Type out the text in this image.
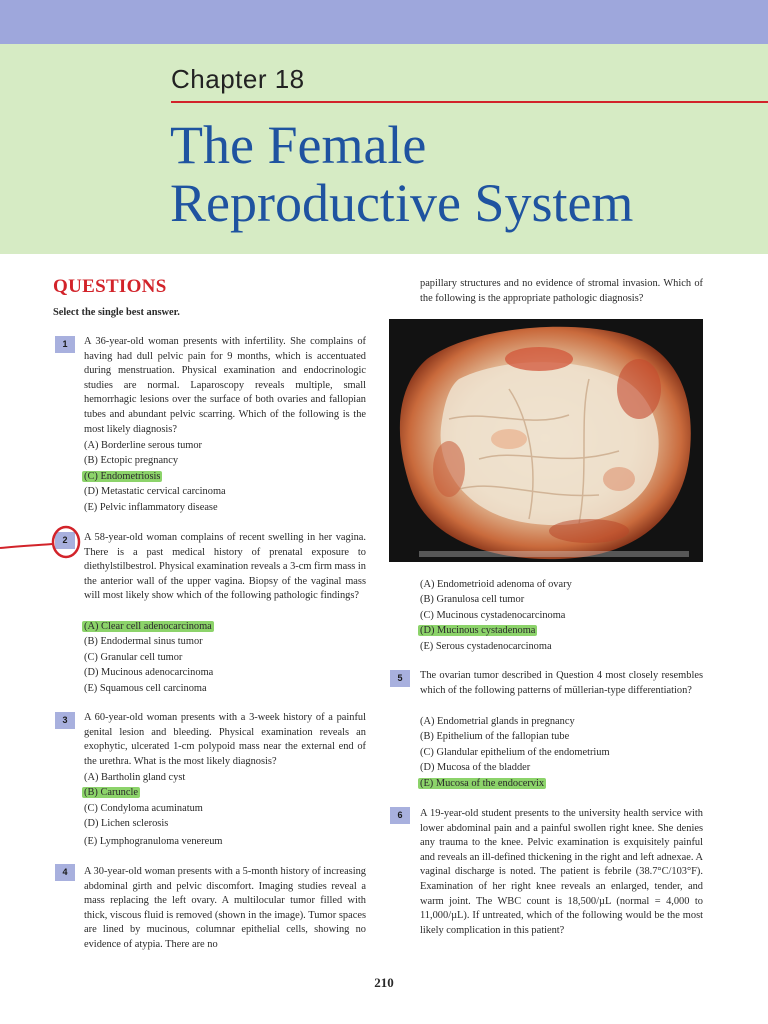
Chapter 18
The Female
Reproductive System
QUESTIONS
Select the single best answer.
1	A 36-year-old woman presents with infertility. She complains of having had dull pelvic pain for 9 months, which is accentuated during menstruation. Physical examination and endocrinologic studies are normal. Laparoscopy reveals multiple, small hemorrhagic lesions over the surface of both ovaries and fallopian tubes and abundant pelvic scarring. Which of the following is the most likely diagnosis?
(A) Borderline serous tumor
(B) Ectopic pregnancy
(C) Endometriosis
(D) Metastatic cervical carcinoma
(E) Pelvic inflammatory disease
2	A 58-year-old woman complains of recent swelling in her vagina. There is a past medical history of prenatal exposure to diethylstilbestrol. Physical examination reveals a 3-cm firm mass in the anterior wall of the upper vagina. Biopsy of the vaginal mass will most likely show which of the following pathologic findings?
(A) Clear cell adenocarcinoma
(B) Endodermal sinus tumor
(C) Granular cell tumor
(D) Mucinous adenocarcinoma
(E) Squamous cell carcinoma
3	A 60-year-old woman presents with a 3-week history of a painful genital lesion and bleeding. Physical examination reveals an exophytic, ulcerated 1-cm polypoid mass near the external end of the urethra. What is the most likely diagnosis?
(A) Bartholin gland cyst
(B) Caruncle
(C) Condyloma acuminatum
(D) Lichen sclerosis
(E) Lymphogranuloma venereum
4	A 30-year-old woman presents with a 5-month history of increasing abdominal girth and pelvic discomfort. Imaging studies reveal a mass replacing the left ovary. A multilocular tumor filled with thick, viscous fluid is removed (shown in the image). Tumor spaces are lined by mucinous, columnar epithelial cells, showing no evidence of atypia. There are no
papillary structures and no evidence of stromal invasion. Which of the following is the appropriate pathologic diagnosis?
(A) Endometrioid adenoma of ovary
(B) Granulosa cell tumor
(C) Mucinous cystadenocarcinoma
(D) Mucinous cystadenoma
(E) Serous cystadenocarcinoma
5	The ovarian tumor described in Question 4 most closely resembles which of the following patterns of müllerian-type differentiation?
(A) Endometrial glands in pregnancy
(B) Epithelium of the fallopian tube
(C) Glandular epithelium of the endometrium
(D) Mucosa of the bladder
(E) Mucosa of the endocervix
6	A 19-year-old student presents to the university health service with lower abdominal pain and a painful swollen right knee. She denies any trauma to the knee. Pelvic examination is exquisitely painful and reveals an ill-defined thickening in the right and left adnexae. A vaginal discharge is noted. The patient is febrile (38.7°C/103°F). Examination of her right knee reveals an enlarged, tender, and warm joint. The WBC count is 18,500/µL (normal = 4,000 to 11,000/µL). If untreated, which of the following would be the most likely complication in this patient?
210
